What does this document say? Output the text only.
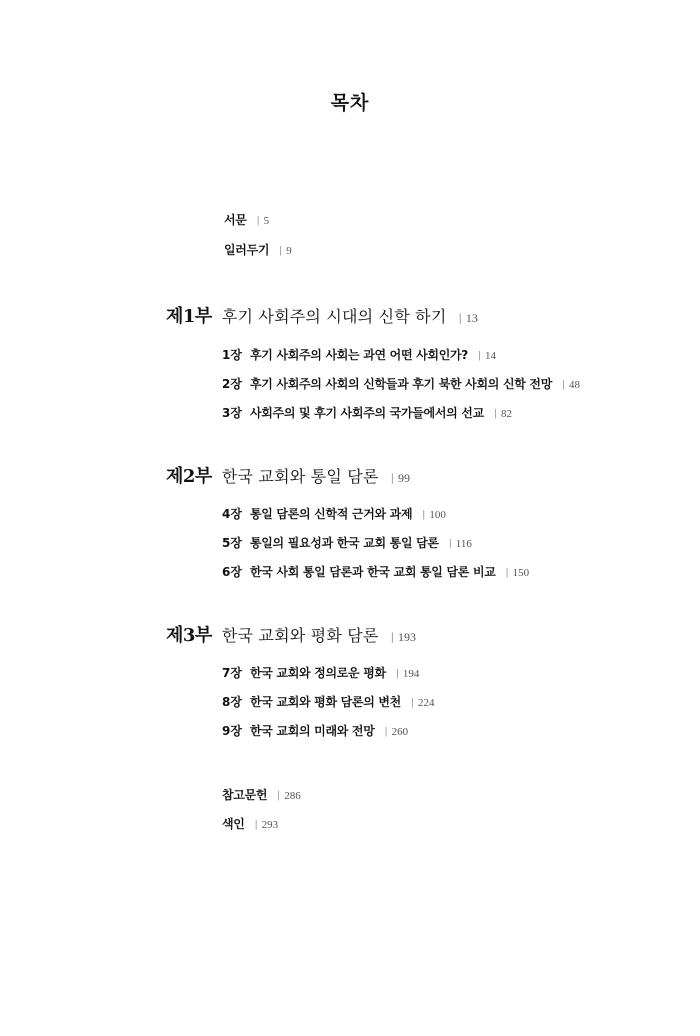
목차
서문 | 5
일러두기 | 9
제1부 후기 사회주의 시대의 신학 하기 | 13
1장 후기 사회주의 사회는 과연 어떤 사회인가? | 14
2장 후기 사회주의 사회의 신학들과 후기 북한 사회의 신학 전망 | 48
3장 사회주의 및 후기 사회주의 국가들에서의 선교 | 82
제2부 한국 교회와 통일 담론 | 99
4장 통일 담론의 신학적 근거와 과제 | 100
5장 통일의 필요성과 한국 교회 통일 담론 | 116
6장 한국 사회 통일 담론과 한국 교회 통일 담론 비교 | 150
제3부 한국 교회와 평화 담론 | 193
7장 한국 교회와 정의로운 평화 | 194
8장 한국 교회와 평화 담론의 변천 | 224
9장 한국 교회의 미래와 전망 | 260
참고문헌 | 286
색인 | 293
